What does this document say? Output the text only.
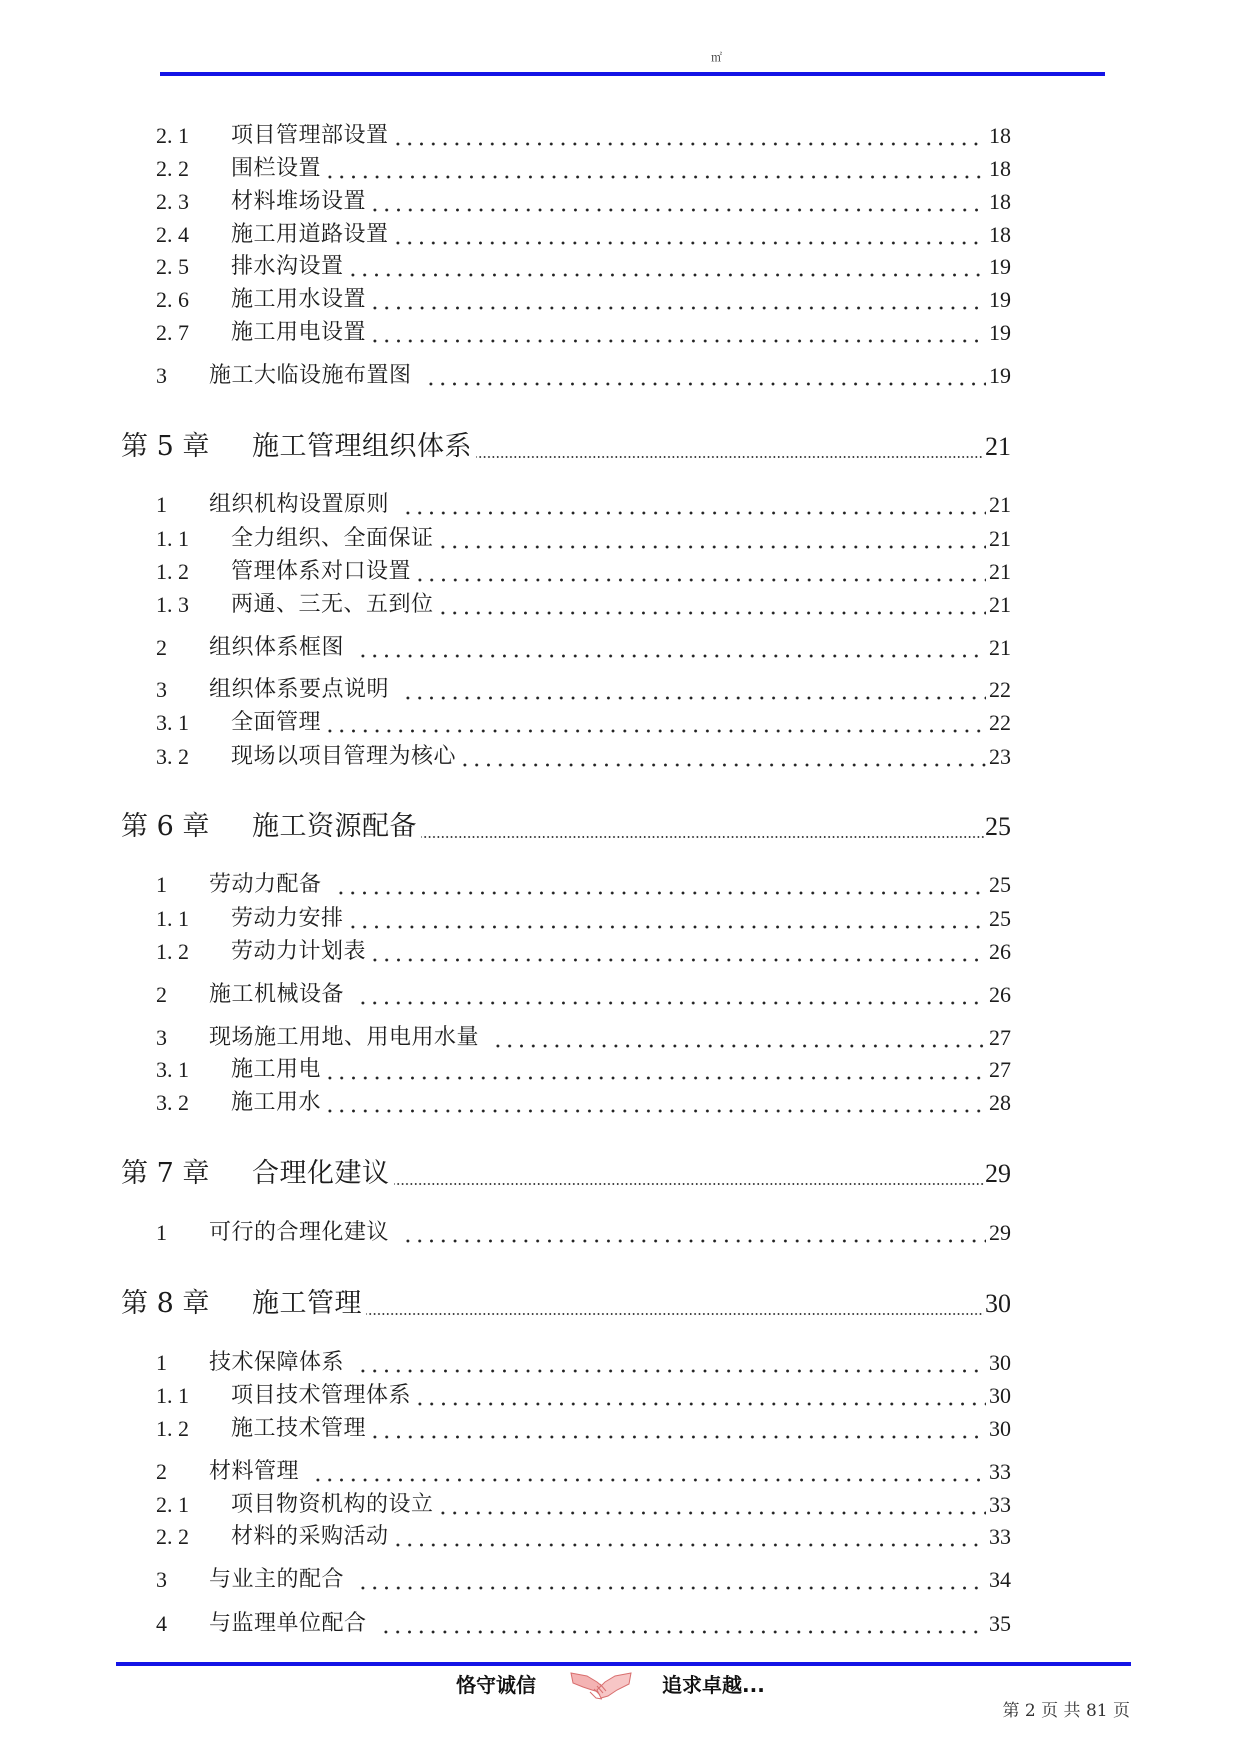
㎡
2. 1	项目管理部设置	18
2. 2	围栏设置	18
2. 3	材料堆场设置	18
2. 4	施工用道路设置	18
2. 5	排水沟设置	19
2. 6	施工用水设置	19
2. 7	施工用电设置	19
3	施工大临设施布置图	19
第 5 章	施工管理组织体系	21
1	组织机构设置原则	21
1. 1	全力组织、全面保证	21
1. 2	管理体系对口设置	21
1. 3	两通、三无、五到位	21
2	组织体系框图	21
3	组织体系要点说明	22
3. 1	全面管理	22
3. 2	现场以项目管理为核心	23
第 6 章	施工资源配备	25
1	劳动力配备	25
1. 1	劳动力安排	25
1. 2	劳动力计划表	26
2	施工机械设备	26
3	现场施工用地、用电用水量	27
3. 1	施工用电	27
3. 2	施工用水	28
第 7 章	合理化建议	29
1	可行的合理化建议	29
第 8 章	施工管理	30
1	技术保障体系	30
1. 1	项目技术管理体系	30
1. 2	施工技术管理	30
2	材料管理	33
2. 1	项目物资机构的设立	33
2. 2	材料的采购活动	33
3	与业主的配合	34
4	与监理单位配合	35
恪守诚信	追求卓越...
第 2 页 共 81 页
